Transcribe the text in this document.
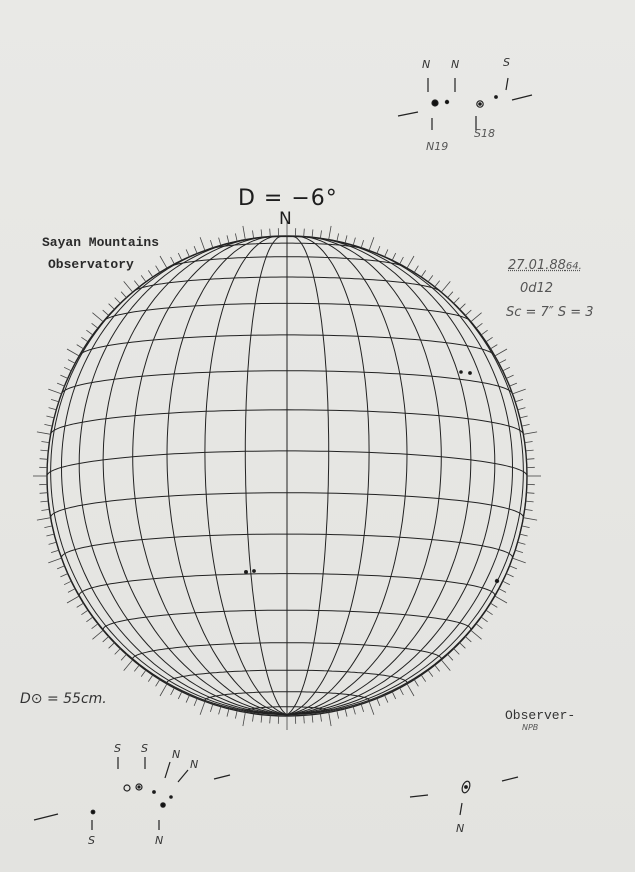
N N	S
S S N
N
S	N
N
D = −6°
N
Sayan Mountains
Observatory	27.01.8864.
0d12
Sc = 7″ S = 3
D⊙ = 55cm.
Observer-
NPB
N19
S18
